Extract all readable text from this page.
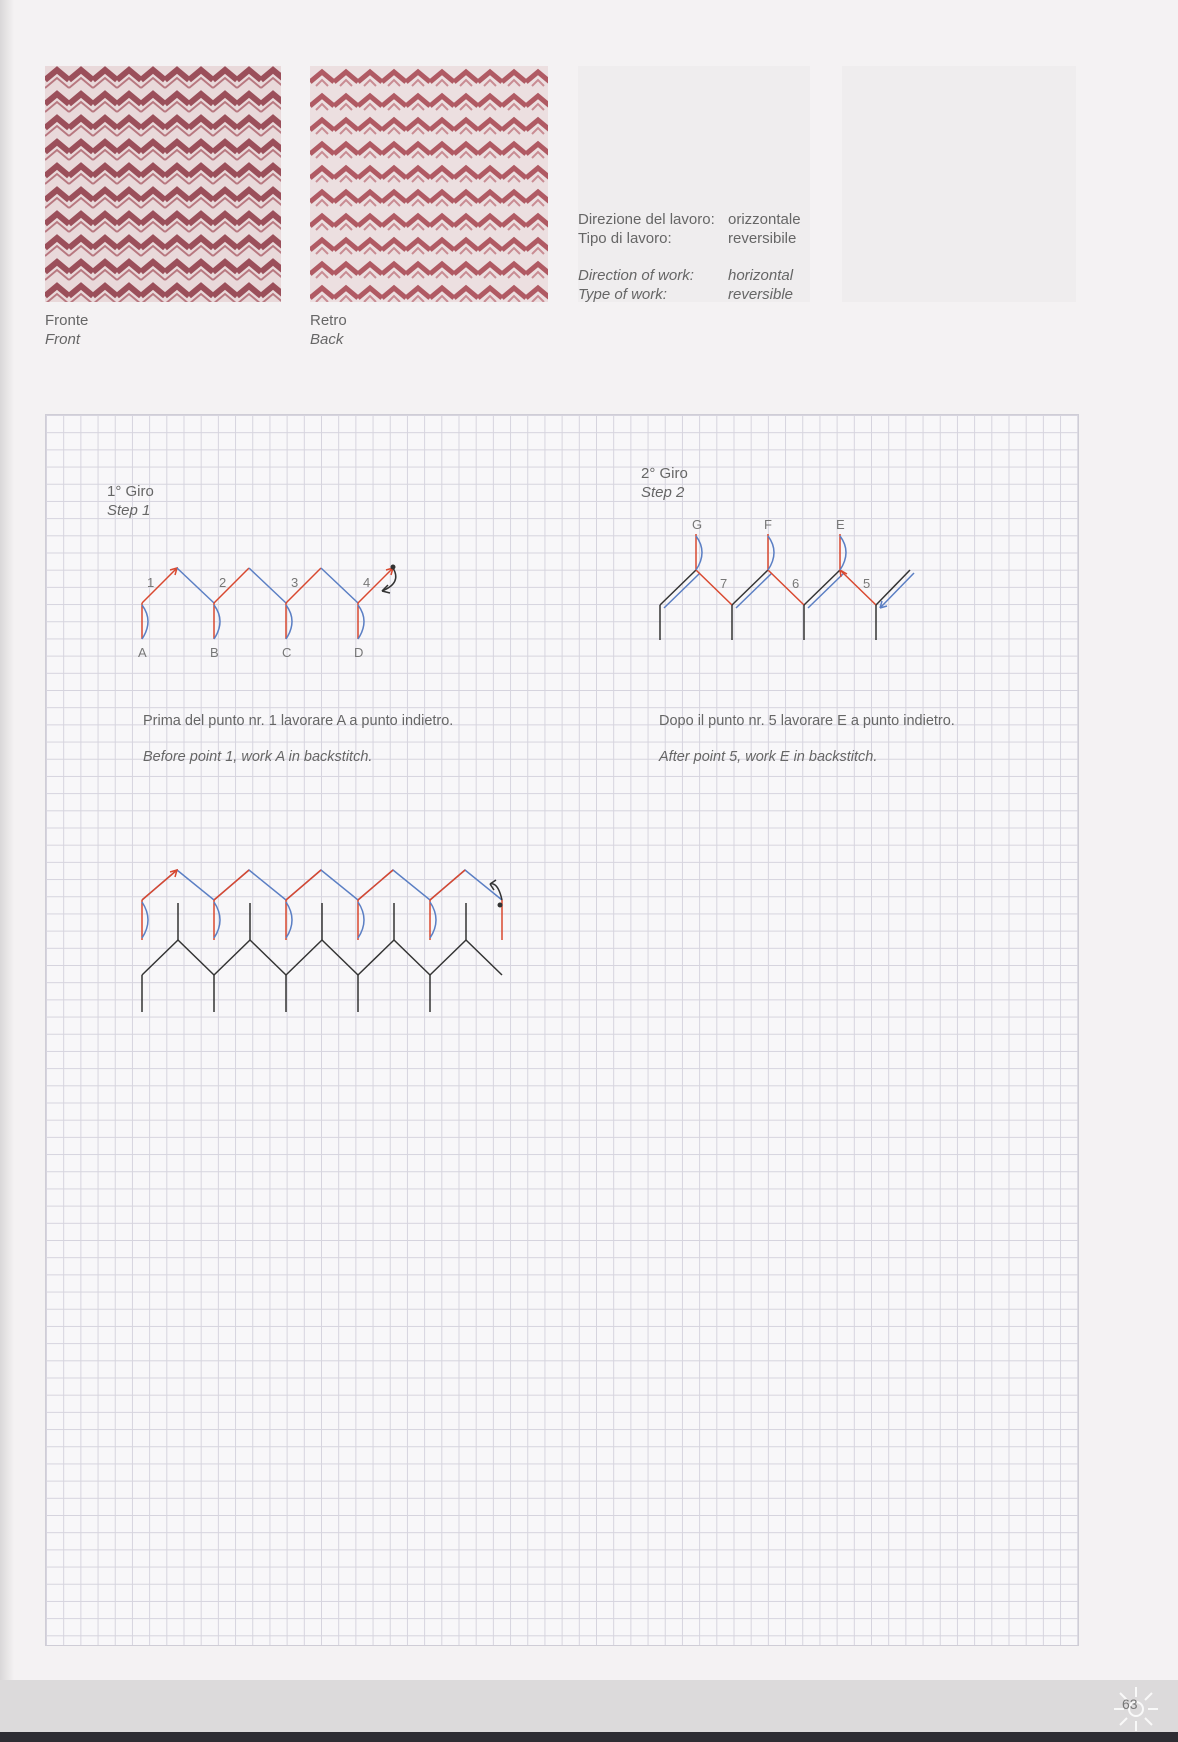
Fronte
Front
Retro
Back
Direzione del lavoro: orizzontale
Tipo di lavoro:	reversibile
Direction of work:	horizontal
Type of work:	reversible
1° Giro
Step 1
1	2	3	4
A	B	C	D
Prima del punto nr. 1 lavorare A a punto indietro.
Before point 1, work A in backstitch.
2° Giro
Step 2
G	F	E
7	6	5
Dopo il punto nr. 5 lavorare E a punto indietro.
After point 5, work E in backstitch.
63
